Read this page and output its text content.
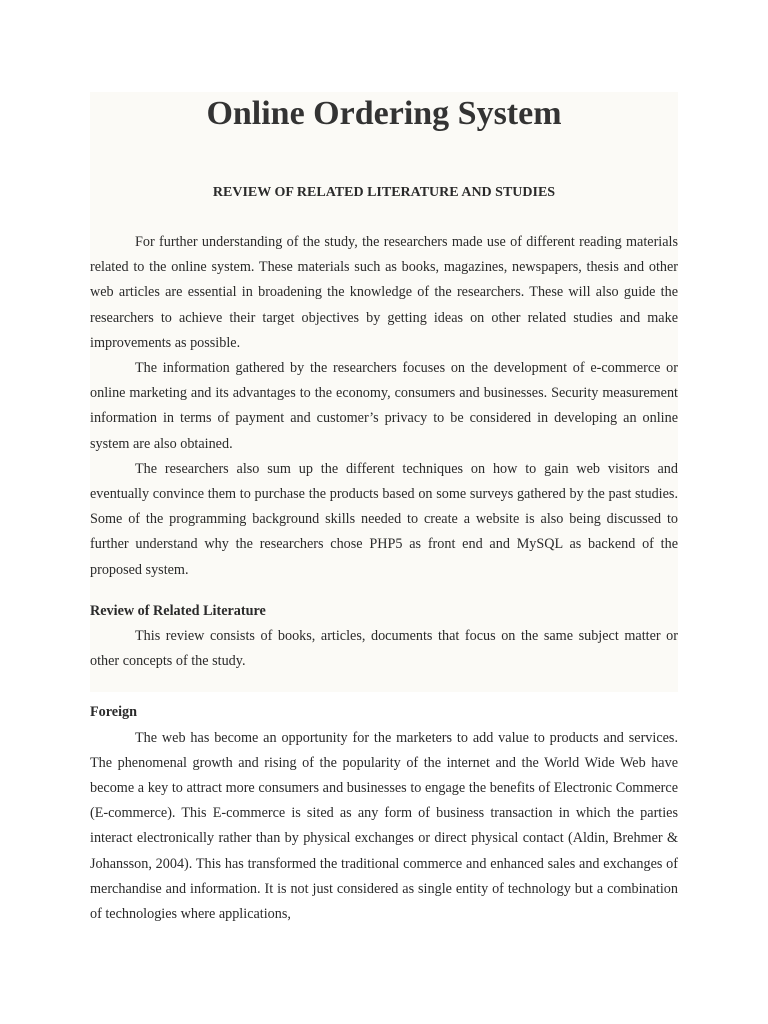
Online Ordering System

REVIEW OF RELATED LITERATURE AND STUDIES

For further understanding of the study, the researchers made use of different reading materials related to the online system. These materials such as books, magazines, newspapers, thesis and other web articles are essential in broadening the knowledge of the researchers. These will also guide the researchers to achieve their target objectives by getting ideas on other related studies and make improvements as possible.

The information gathered by the researchers focuses on the development of e-commerce or online marketing and its advantages to the economy, consumers and businesses. Security measurement information in terms of payment and customer’s privacy to be considered in developing an online system are also obtained.

The researchers also sum up the different techniques on how to gain web visitors and eventually convince them to purchase the products based on some surveys gathered by the past studies. Some of the programming background skills needed to create a website is also being discussed to further understand why the researchers chose PHP5 as front end and MySQL as backend of the proposed system.

Review of Related Literature

This review consists of books, articles, documents that focus on the same subject matter or other concepts of the study.

Foreign

The web has become an opportunity for the marketers to add value to products and services. The phenomenal growth and rising of the popularity of the internet and the World Wide Web have become a key to attract more consumers and businesses to engage the benefits of Electronic Commerce (E-commerce). This E-commerce is sited as any form of business transaction in which the parties interact electronically rather than by physical exchanges or direct physical contact (Aldin, Brehmer & Johansson, 2004). This has transformed the traditional commerce and enhanced sales and exchanges of merchandise and information. It is not just considered as single entity of technology but a combination of technologies where applications,
